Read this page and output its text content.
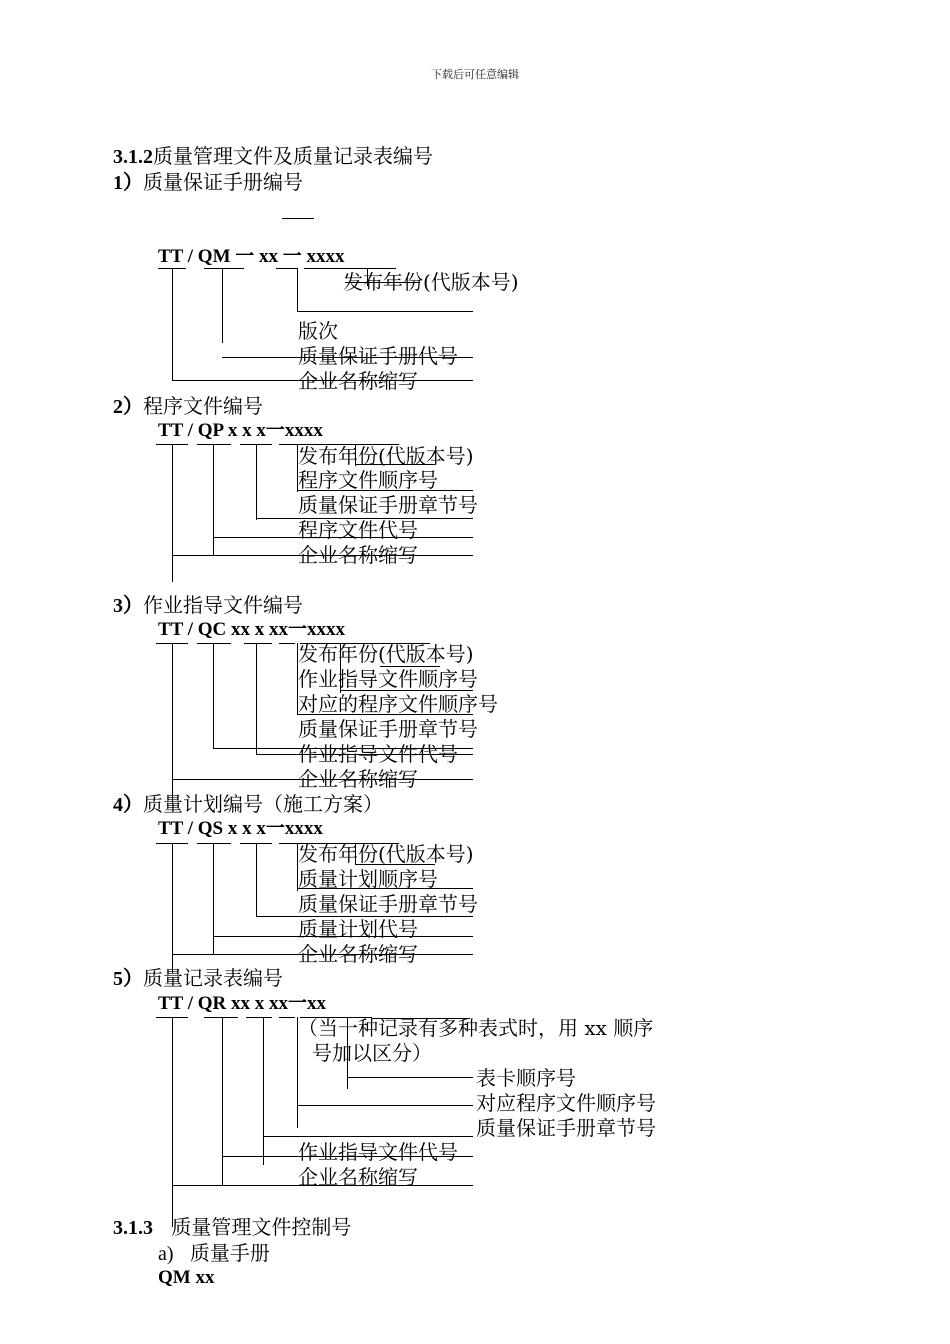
下载后可任意编辑
3.1.2质量管理文件及质量记录表编号
1）质量保证手册编号
TT / QM 一 xx 一 xxxx
发布年份(代版本号)
版次
质量保证手册代号
企业名称缩写
2）程序文件编号
TT / QP x x x一xxxx
发布年份(代版本号)
程序文件顺序号
质量保证手册章节号
程序文件代号
企业名称缩写
3）作业指导文件编号
TT / QC xx x xx一xxxx
发布年份(代版本号)
作业指导文件顺序号
对应的程序文件顺序号
质量保证手册章节号
作业指导文件代号
企业名称缩写
4）质量计划编号（施工方案）
TT / QS x x x一xxxx
发布年份(代版本号)
质量计划顺序号
质量保证手册章节号
质量计划代号
企业名称缩写
5）质量记录表编号
TT / QR xx x xx一xx
（当一种记录有多种表式时，用 xx 顺序
号加以区分）
表卡顺序号
对应程序文件顺序号
质量保证手册章节号
作业指导文件代号
企业名称缩写
3.1.3 质量管理文件控制号
a) 质量手册
QM xx
